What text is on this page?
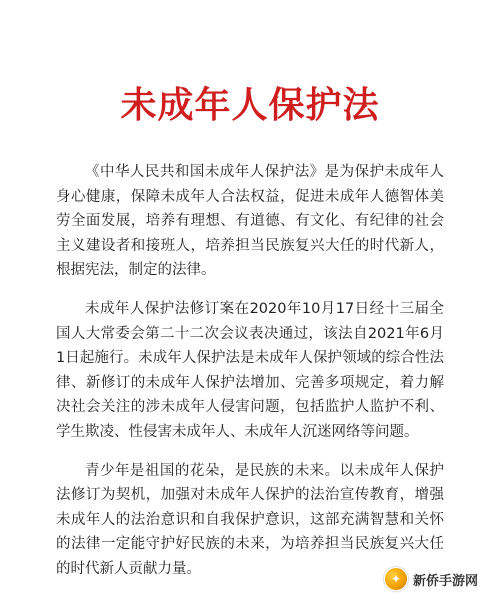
未成年人保护法

《中华人民共和国未成年人保护法》是为保护未成年人身心健康，保障未成年人合法权益，促进未成年人德智体美劳全面发展，培养有理想、有道德、有文化、有纪律的社会主义建设者和接班人，培养担当民族复兴大任的时代新人，根据宪法，制定的法律。

未成年人保护法修订案在2020年10月17日经十三届全国人大常委会第二十二次会议表决通过，该法自2021年6月1日起施行。未成年人保护法是未成年人保护领域的综合性法律、新修订的未成年人保护法增加、完善多项规定，着力解决社会关注的涉未成年人侵害问题，包括监护人监护不利、学生欺凌、性侵害未成年人、未成年人沉迷网络等问题。

青少年是祖国的花朵，是民族的未来。以未成年人保护法修订为契机，加强对未成年人保护的法治宣传教育，增强未成年人的法治意识和自我保护意识，这部充满智慧和关怀的法律一定能守护好民族的未来，为培养担当民族复兴大任的时代新人贡献力量。

✦ 新侨手游网
